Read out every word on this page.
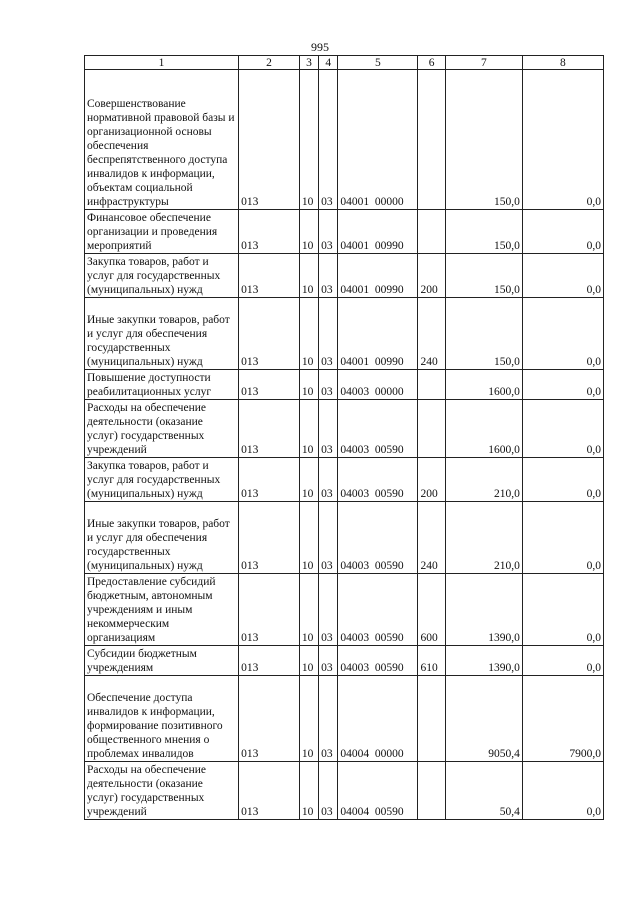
995
1	2	3	4	5	6	7	8
Совершенствование нормативной правовой базы и организационной основы обеспечения беспрепятственного доступа инвалидов к информации, объектам социальной инфраструктуры	013	10	03	04001  00000		150,0	0,0
Финансовое обеспечение организации и проведения мероприятий	013	10	03	04001  00990		150,0	0,0
Закупка товаров, работ и услуг для государственных (муниципальных) нужд	013	10	03	04001  00990	200	150,0	0,0
Иные закупки товаров, работ и услуг для обеспечения государственных (муниципальных) нужд	013	10	03	04001  00990	240	150,0	0,0
Повышение доступности реабилитационных услуг	013	10	03	04003  00000		1600,0	0,0
Расходы на обеспечение деятельности (оказание услуг) государственных учреждений	013	10	03	04003  00590		1600,0	0,0
Закупка товаров, работ и услуг для государственных (муниципальных) нужд	013	10	03	04003  00590	200	210,0	0,0
Иные закупки товаров, работ и услуг для обеспечения государственных (муниципальных) нужд	013	10	03	04003  00590	240	210,0	0,0
Предоставление субсидий бюджетным, автономным учреждениям и иным некоммерческим организациям	013	10	03	04003  00590	600	1390,0	0,0
Субсидии бюджетным учреждениям	013	10	03	04003  00590	610	1390,0	0,0
Обеспечение доступа инвалидов к информации, формирование позитивного общественного мнения о проблемах инвалидов	013	10	03	04004  00000		9050,4	7900,0
Расходы на обеспечение деятельности (оказание услуг) государственных учреждений	013	10	03	04004  00590		50,4	0,0
